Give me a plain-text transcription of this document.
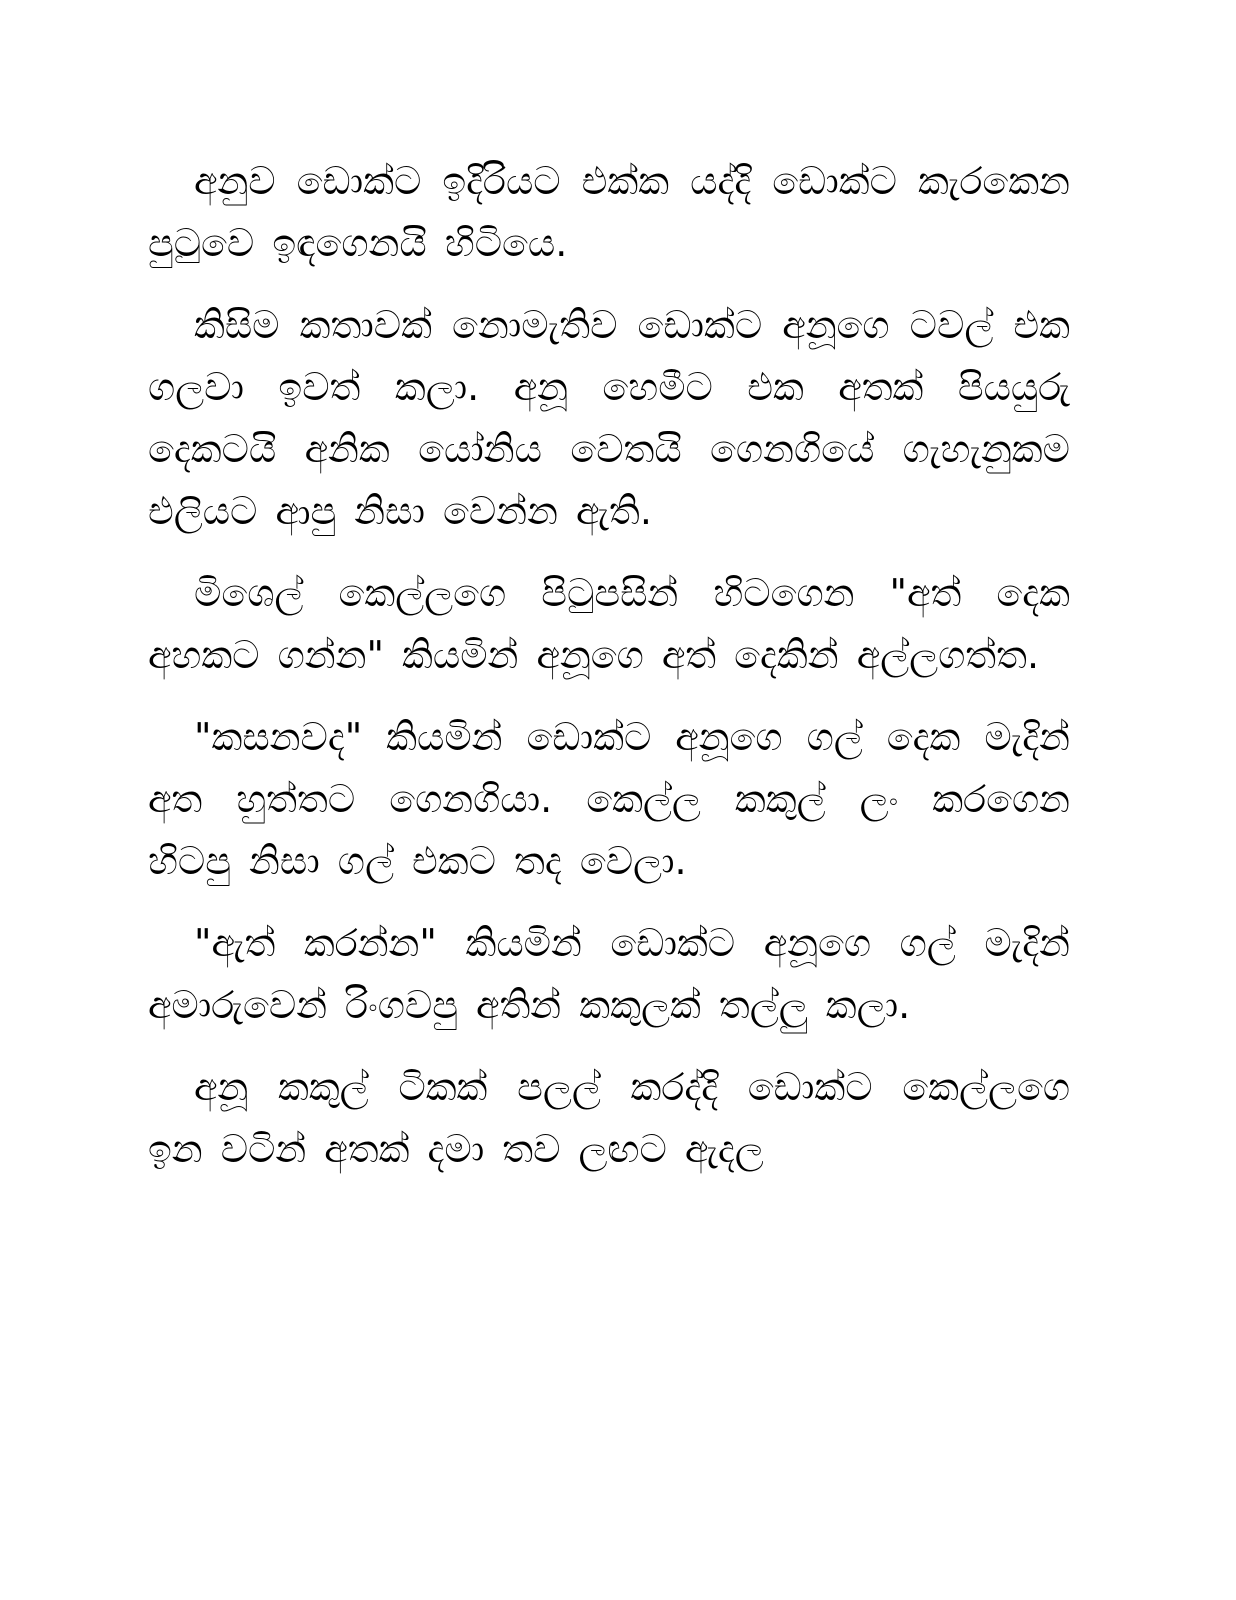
අනුව ඩොක්ට ඉදිරියට එක්ක යද්දි ඩොක්ට කැරකෙන පුටුවෙ ඉඳගෙනයි හිටියෙ.

කිසිම කතාවක් නොමැතිව ඩොක්ට අනූගෙ ටවල් එක ගලවා ඉවත් කලා. අනූ හෙමීට එක අතක් පියයුරු දෙකටයි අනික යෝනිය වෙතයි ගෙනගියේ ගැහැනුකම එලියට ආපු නිසා වෙන්න ඇති.

මිශෙල් කෙල්ලගෙ පිටුපසින් හිටගෙන "අත් දෙක අහකට ගන්න" කියමින් අනූගෙ අත් දෙකින් අල්ලගත්ත.

"කසනවද" කියමින් ඩොක්ට අනූගෙ ගල් දෙක මැදින් අත හුත්තට ගෙනගියා. කෙල්ල කකුල් ලං කරගෙන හිටපු නිසා ගල් එකට තද වෙලා.

"ඇත් කරන්න" කියමින් ඩොක්ට අනූගෙ ගල් මැදින් අමාරුවෙන් රිංගවපු අතින් කකුලක් තල්ලු කලා.

අනූ කකුල් ටිකක් පලල් කරද්දි ඩොක්ට කෙල්ලගෙ ඉන වටින් අතක් දමා තව ලඟට ඇදල
